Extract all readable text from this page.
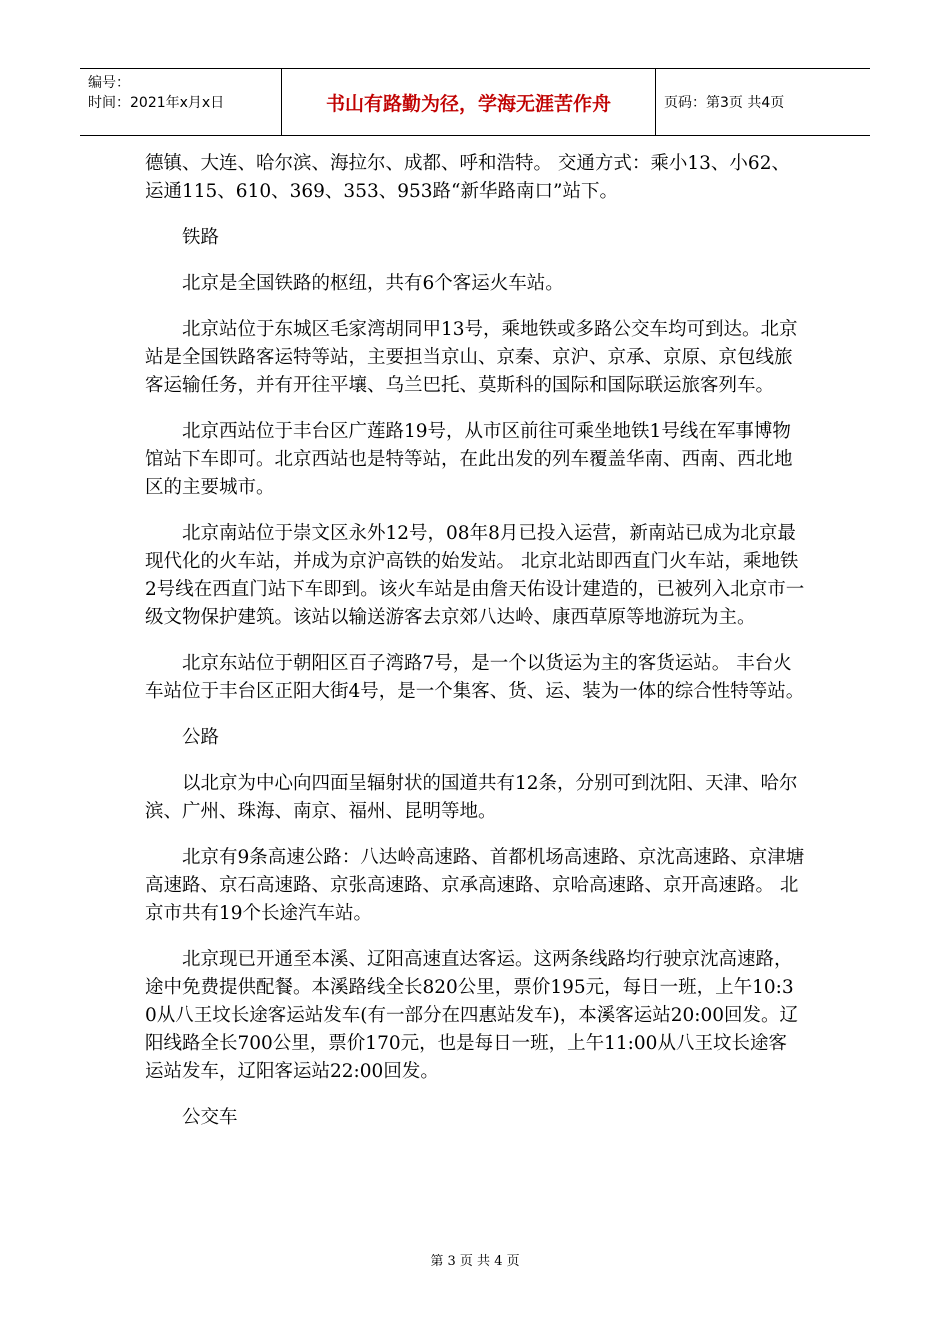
编号：
时间：2021年x月x日	书山有路勤为径，学海无涯苦作舟	页码：第3页 共4页

德镇、大连、哈尔滨、海拉尔、成都、呼和浩特。 交通方式：乘小13、小62、运通115、610、369、353、953路“新华路南口”站下。

铁路

北京是全国铁路的枢纽，共有6个客运火车站。

北京站位于东城区毛家湾胡同甲13号，乘地铁或多路公交车均可到达。北京站是全国铁路客运特等站，主要担当京山、京秦、京沪、京承、京原、京包线旅客运输任务，并有开往平壤、乌兰巴托、莫斯科的国际和国际联运旅客列车。

北京西站位于丰台区广莲路19号，从市区前往可乘坐地铁1号线在军事博物馆站下车即可。北京西站也是特等站，在此出发的列车覆盖华南、西南、西北地区的主要城市。

北京南站位于崇文区永外12号，08年8月已投入运营，新南站已成为北京最现代化的火车站，并成为京沪高铁的始发站。 北京北站即西直门火车站，乘地铁2号线在西直门站下车即到。该火车站是由詹天佑设计建造的，已被列入北京市一级文物保护建筑。该站以输送游客去京郊八达岭、康西草原等地游玩为主。

北京东站位于朝阳区百子湾路7号，是一个以货运为主的客货运站。 丰台火车站位于丰台区正阳大街4号，是一个集客、货、运、装为一体的综合性特等站。

公路

以北京为中心向四面呈辐射状的国道共有12条，分别可到沈阳、天津、哈尔滨、广州、珠海、南京、福州、昆明等地。

北京有9条高速公路：八达岭高速路、首都机场高速路、京沈高速路、京津塘高速路、京石高速路、京张高速路、京承高速路、京哈高速路、京开高速路。 北京市共有19个长途汽车站。

北京现已开通至本溪、辽阳高速直达客运。这两条线路均行驶京沈高速路，途中免费提供配餐。本溪路线全长820公里，票价195元，每日一班，上午10:30从八王坟长途客运站发车(有一部分在四惠站发车)，本溪客运站20:00回发。辽阳线路全长700公里，票价170元，也是每日一班，上午11:00从八王坟长途客运站发车，辽阳客运站22:00回发。

公交车

第 3 页 共 4 页
